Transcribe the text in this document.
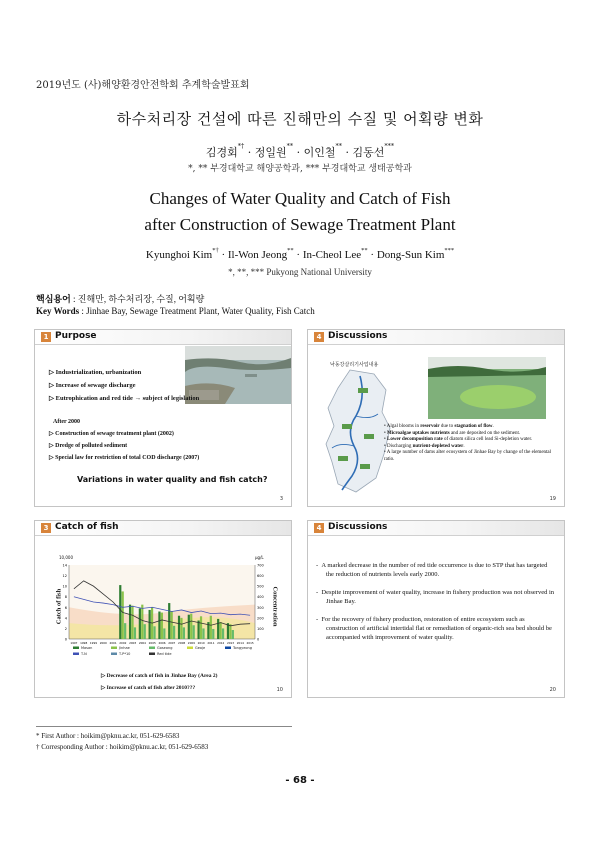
2019년도 (사)해양환경안전학회 추계학술발표회
하수처리장 건설에 따른 진해만의 수질 및 어획량 변화
김경회*† · 정일원** · 이인철** · 김동선***
*, ** 부경대학교 해양공학과, *** 부경대학교 생태공학과
Changes of Water Quality and Catch of Fish
after Construction of Sewage Treatment Plant
Kyunghoi Kim*† · Il-Won Jeong** · In-Cheol Lee** · Dong-Sun Kim***
*, **, *** Pukyong National University
핵심용어 : 진해만, 하수처리장, 수질, 어획량
Key Words : Jinhae Bay, Sewage Treatment Plant, Water Quality, Fish Catch
1 Purpose
▷ Industrialization, urbanization
▷ Increase of sewage discharge
▷ Eutrophication and red tide → subject of legislation
After 2000
▷ Construction of sewage treatment plant (2002)
▷ Dredge of polluted sediment
▷ Special law for restriction of total COD discharge (2007)
Variations in water quality and fish catch?
3
4 Discussions
낙동강살리기사업내용
• Algal blooms in reservoir due to stagnation of flow.
• Microalgae uptakes nutrients and are deposited on the sediment.
• Lower decomposition rate of diatom silica cell lead Si-depletion water.
• Discharging nutrient-depleted water.
• A large number of dams alter ecosystem of Jinhae Bay by change of the elemental ratio.
19
3 Catch of fish
Catch of fish	Concentration
10,000	μg/L
14
12
10
8
6
4
2
0
700
600
500
400
300
200
100
0
1997 1998 1999 2000 2001 2002 2003 2004 2005 2006 2007 2008 2009 2010 2011 2012 2013 2014 2015
Masan	Jinhae	Goseong	Geoje	Tongyeong
T-N	T-P*10	Red tide
▷ Decrease of catch of fish in Jinhae Bay (Area 2)
▷ Increase of catch of fish after 2010???	10
4 Discussions
-  A marked decrease in the number of red tide occurrence is due to STP that has targeted the reduction of nutrients levels early 2000.
-  Despite improvement of water quality, increase in fishery production was not observed in Jinhae Bay.
-  For the recovery of fishery production, restoration of entire ecosystem such as construction of artificial intertidal flat or remediation of organic-rich sea bed should be accompanied with improvement of water quality.
20
* First Author : hoikim@pknu.ac.kr, 051-629-6583
† Corresponding Author : hoikim@pknu.ac.kr, 051-629-6583
- 68 -
